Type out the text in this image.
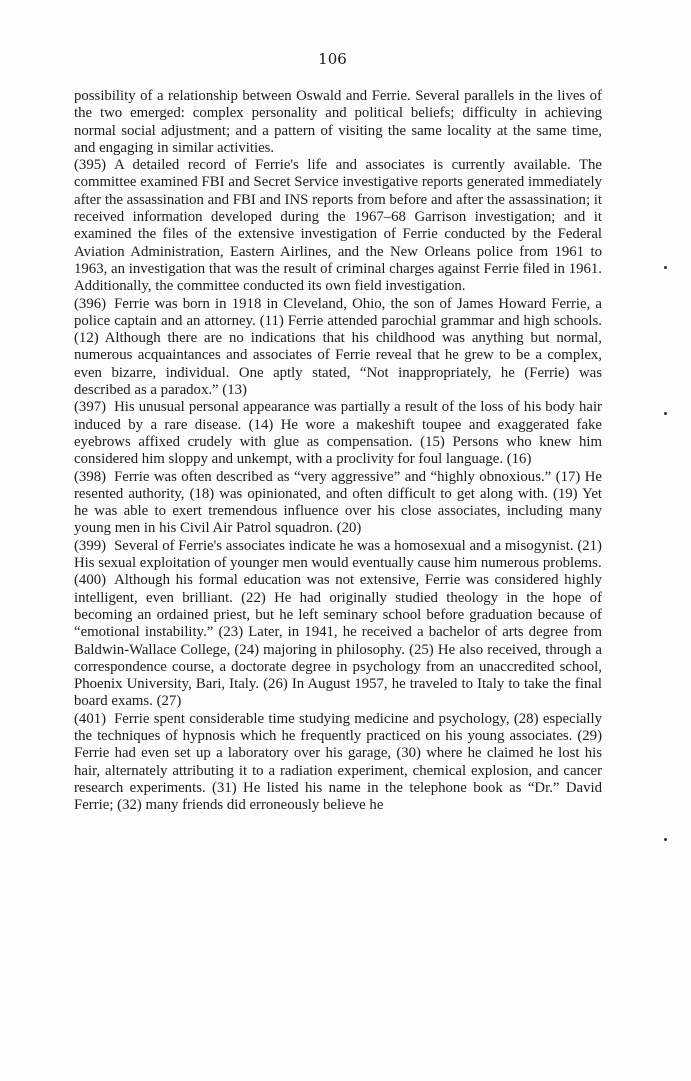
106

possibility of a relationship between Oswald and Ferrie. Several parallels in the lives of the two emerged: complex personality and political beliefs; difficulty in achieving normal social adjustment; and a pattern of visiting the same locality at the same time, and engaging in similar activities.

(395) A detailed record of Ferrie's life and associates is currently available. The committee examined FBI and Secret Service investigative reports generated immediately after the assassination and FBI and INS reports from before and after the assassination; it received information developed during the 1967–68 Garrison investigation; and it examined the files of the extensive investigation of Ferrie conducted by the Federal Aviation Administration, Eastern Airlines, and the New Orleans police from 1961 to 1963, an investigation that was the result of criminal charges against Ferrie filed in 1961. Additionally, the committee conducted its own field investigation.

(396) Ferrie was born in 1918 in Cleveland, Ohio, the son of James Howard Ferrie, a police captain and an attorney. (11) Ferrie attended parochial grammar and high schools. (12) Although there are no indications that his childhood was anything but normal, numerous acquaintances and associates of Ferrie reveal that he grew to be a complex, even bizarre, individual. One aptly stated, “Not inappropriately, he (Ferrie) was described as a paradox.” (13)

(397) His unusual personal appearance was partially a result of the loss of his body hair induced by a rare disease. (14) He wore a makeshift toupee and exaggerated fake eyebrows affixed crudely with glue as compensation. (15) Persons who knew him considered him sloppy and unkempt, with a proclivity for foul language. (16)

(398) Ferrie was often described as “very aggressive” and “highly obnoxious.” (17) He resented authority, (18) was opinionated, and often difficult to get along with. (19) Yet he was able to exert tremendous influence over his close associates, including many young men in his Civil Air Patrol squadron. (20)

(399) Several of Ferrie's associates indicate he was a homosexual and a misogynist. (21) His sexual exploitation of younger men would eventually cause him numerous problems.

(400) Although his formal education was not extensive, Ferrie was considered highly intelligent, even brilliant. (22) He had originally studied theology in the hope of becoming an ordained priest, but he left seminary school before graduation because of “emotional instability.” (23) Later, in 1941, he received a bachelor of arts degree from Baldwin-Wallace College, (24) majoring in philosophy. (25) He also received, through a correspondence course, a doctorate degree in psychology from an unaccredited school, Phoenix University, Bari, Italy. (26) In August 1957, he traveled to Italy to take the final board exams. (27)

(401) Ferrie spent considerable time studying medicine and psychology, (28) especially the techniques of hypnosis which he frequently practiced on his young associates. (29) Ferrie had even set up a laboratory over his garage, (30) where he claimed he lost his hair, alternately attributing it to a radiation experiment, chemical explosion, and cancer research experiments. (31) He listed his name in the telephone book as “Dr.” David Ferrie; (32) many friends did erroneously believe he
